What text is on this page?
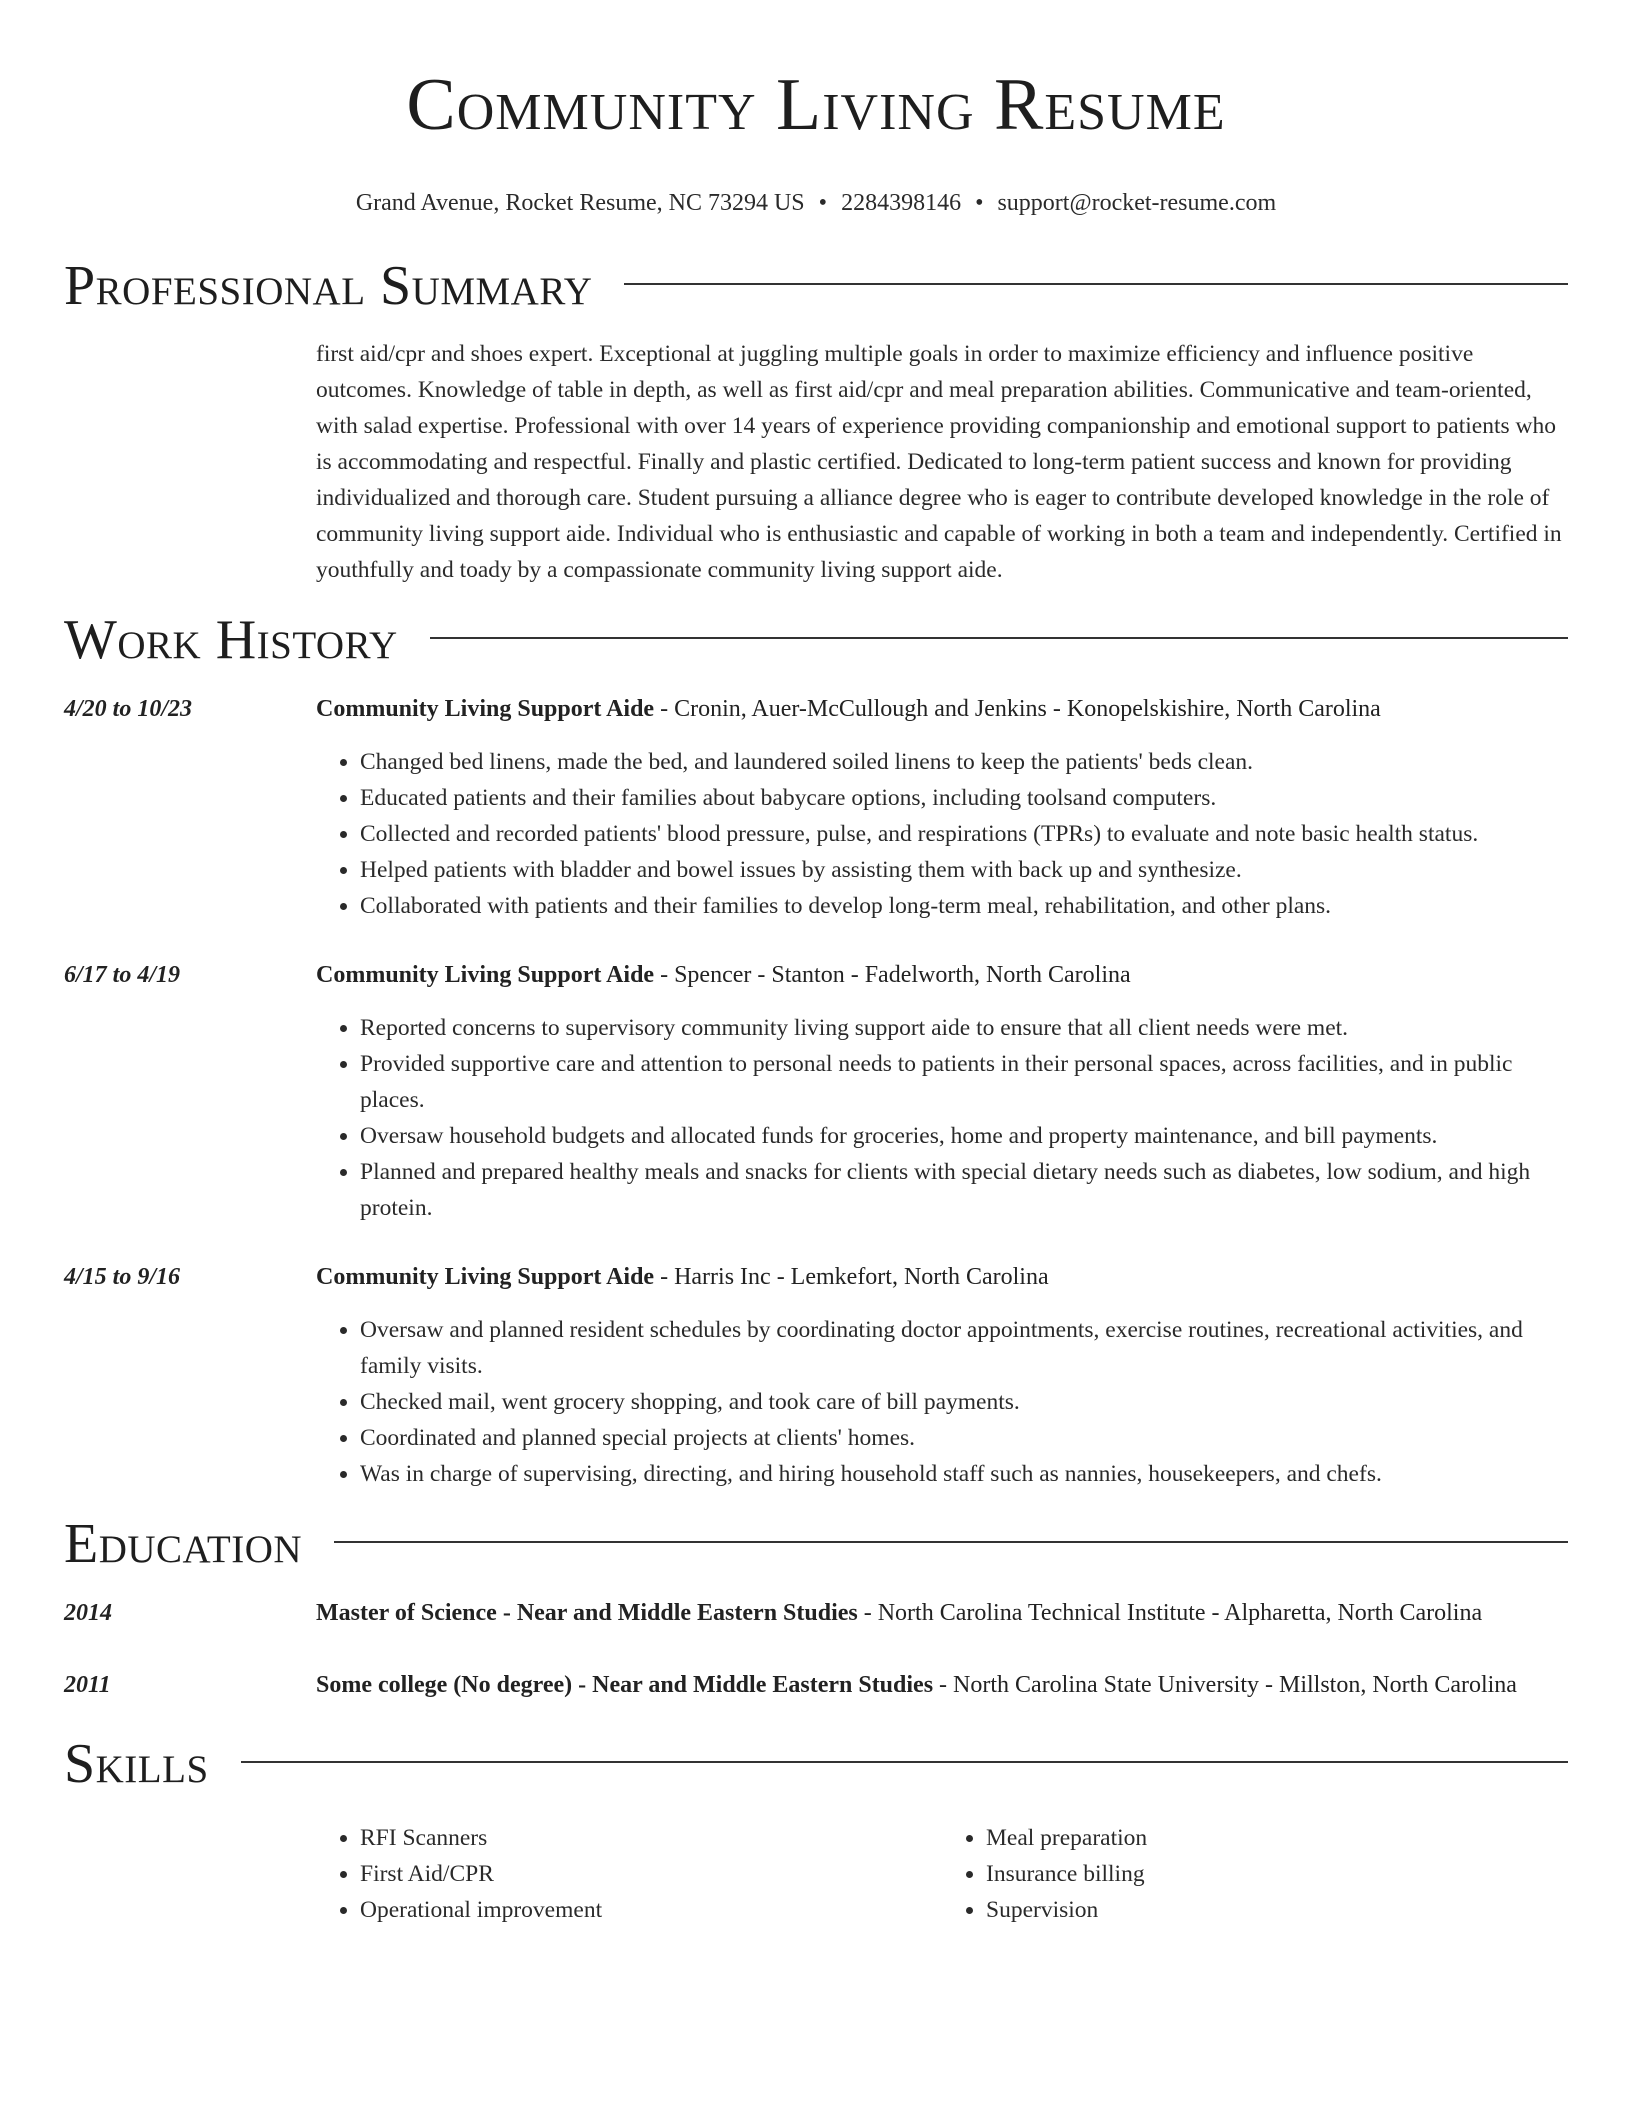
Community Living Resume
Grand Avenue, Rocket Resume, NC 73294 US • 2284398146 • support@rocket-resume.com
Professional Summary
first aid/cpr and shoes expert. Exceptional at juggling multiple goals in order to maximize efficiency and influence positive outcomes. Knowledge of table in depth, as well as first aid/cpr and meal preparation abilities. Communicative and team-oriented, with salad expertise. Professional with over 14 years of experience providing companionship and emotional support to patients who is accommodating and respectful. Finally and plastic certified. Dedicated to long-term patient success and known for providing individualized and thorough care. Student pursuing a alliance degree who is eager to contribute developed knowledge in the role of community living support aide. Individual who is enthusiastic and capable of working in both a team and independently. Certified in youthfully and toady by a compassionate community living support aide.
Work History
4/20 to 10/23	Community Living Support Aide - Cronin, Auer-McCullough and Jenkins - Konopelskishire, North Carolina
• Changed bed linens, made the bed, and laundered soiled linens to keep the patients' beds clean.
• Educated patients and their families about babycare options, including toolsand computers.
• Collected and recorded patients' blood pressure, pulse, and respirations (TPRs) to evaluate and note basic health status.
• Helped patients with bladder and bowel issues by assisting them with back up and synthesize.
• Collaborated with patients and their families to develop long-term meal, rehabilitation, and other plans.
6/17 to 4/19	Community Living Support Aide - Spencer - Stanton - Fadelworth, North Carolina
• Reported concerns to supervisory community living support aide to ensure that all client needs were met.
• Provided supportive care and attention to personal needs to patients in their personal spaces, across facilities, and in public places.
• Oversaw household budgets and allocated funds for groceries, home and property maintenance, and bill payments.
• Planned and prepared healthy meals and snacks for clients with special dietary needs such as diabetes, low sodium, and high protein.
4/15 to 9/16	Community Living Support Aide - Harris Inc - Lemkefort, North Carolina
• Oversaw and planned resident schedules by coordinating doctor appointments, exercise routines, recreational activities, and family visits.
• Checked mail, went grocery shopping, and took care of bill payments.
• Coordinated and planned special projects at clients' homes.
• Was in charge of supervising, directing, and hiring household staff such as nannies, housekeepers, and chefs.
Education
2014	Master of Science - Near and Middle Eastern Studies - North Carolina Technical Institute - Alpharetta, North Carolina
2011	Some college (No degree) - Near and Middle Eastern Studies - North Carolina State University - Millston, North Carolina
Skills
• RFI Scanners
• First Aid/CPR
• Operational improvement
• Meal preparation
• Insurance billing
• Supervision
